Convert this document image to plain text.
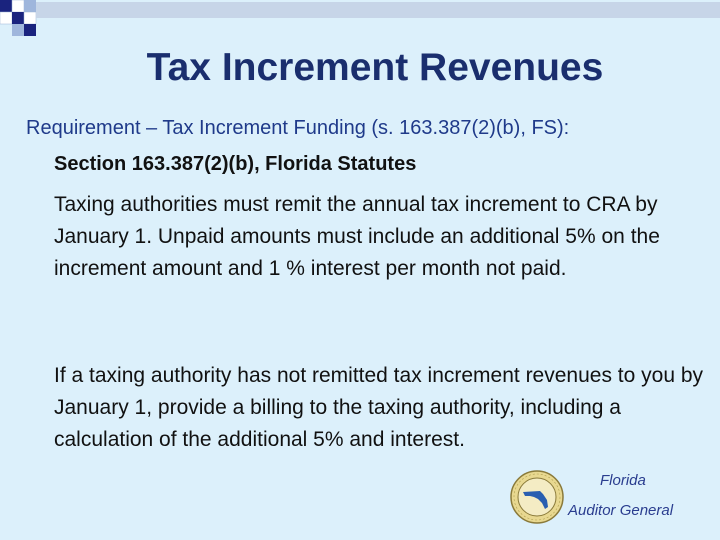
Tax Increment Revenues

Requirement – Tax Increment Funding (s. 163.387(2)(b), FS):

Section 163.387(2)(b), Florida Statutes

Taxing authorities must remit the annual tax increment to CRA by January 1. Unpaid amounts must include an additional 5% on the increment amount and 1 % interest per month not paid.

If a taxing authority has not remitted tax increment revenues to you by January 1, provide a billing to the taxing authority, including a calculation of the additional 5% and interest.

Florida

Auditor General
